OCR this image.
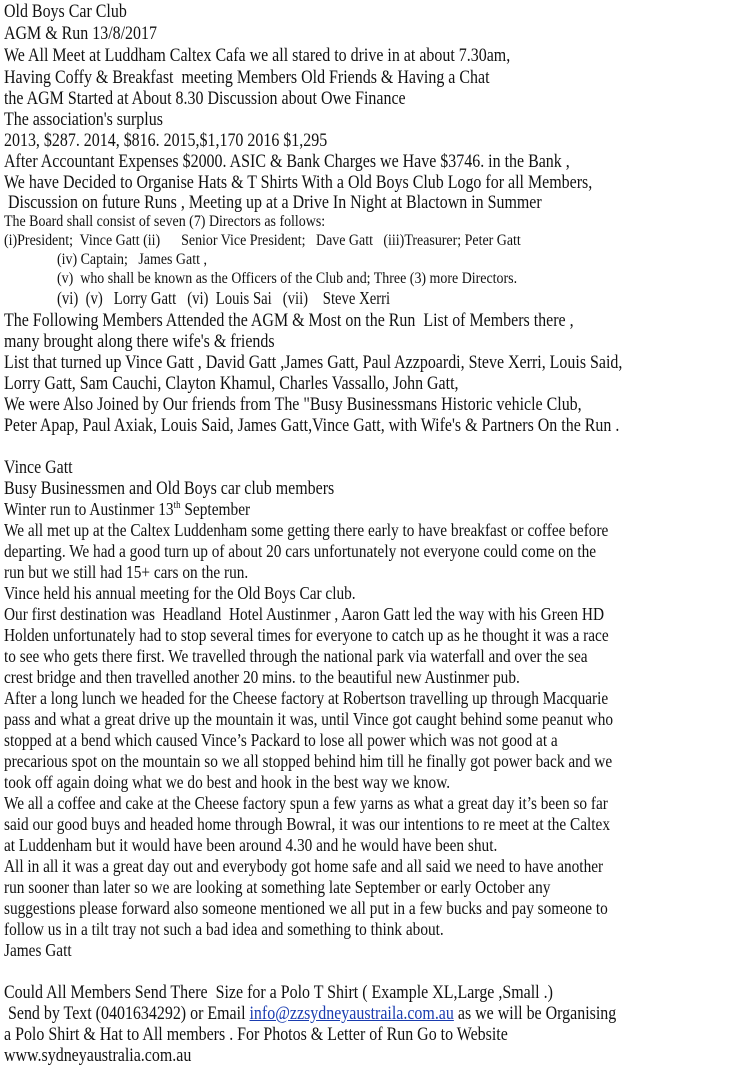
Old Boys Car Club
AGM & Run 13/8/2017
We All Meet at Luddham Caltex Cafa we all stared to drive in at about 7.30am,
Having Coffy & Breakfast  meeting Members Old Friends & Having a Chat
the AGM Started at About 8.30 Discussion about Owe Finance
The association's surplus
2013, $287. 2014, $816. 2015,$1,170 2016 $1,295
After Accountant Expenses $2000. ASIC & Bank Charges we Have $3746. in the Bank ,
We have Decided to Organise Hats & T Shirts With a Old Boys Club Logo for all Members,
Discussion on future Runs , Meeting up at a Drive In Night at Blactown in Summer
The Board shall consist of seven (7) Directors as follows:
(i)President;  Vince Gatt (ii)      Senior Vice President;   Dave Gatt   (iii)Treasurer; Peter Gatt
(iv) Captain;   James Gatt ,
(v)  who shall be known as the Officers of the Club and; Three (3) more Directors.
(vi)  (v)   Lorry Gatt   (vi)  Louis Sai   (vii)    Steve Xerri
The Following Members Attended the AGM & Most on the Run  List of Members there ,
many brought along there wife's & friends
List that turned up Vince Gatt , David Gatt ,James Gatt, Paul Azzpoardi, Steve Xerri, Louis Said,
Lorry Gatt, Sam Cauchi, Clayton Khamul, Charles Vassallo, John Gatt,
We were Also Joined by Our friends from The "Busy Businessmans Historic vehicle Club,
Peter Apap, Paul Axiak, Louis Said, James Gatt,Vince Gatt, with Wife's & Partners On the Run .
Vince Gatt
Busy Businessmen and Old Boys car club members
Winter run to Austinmer 13th September
We all met up at the Caltex Luddenham some getting there early to have breakfast or coffee before
departing. We had a good turn up of about 20 cars unfortunately not everyone could come on the
run but we still had 15+ cars on the run.
Vince held his annual meeting for the Old Boys Car club.
Our first destination was  Headland  Hotel Austinmer , Aaron Gatt led the way with his Green HD
Holden unfortunately had to stop several times for everyone to catch up as he thought it was a race
to see who gets there first. We travelled through the national park via waterfall and over the sea
crest bridge and then travelled another 20 mins. to the beautiful new Austinmer pub.
After a long lunch we headed for the Cheese factory at Robertson travelling up through Macquarie
pass and what a great drive up the mountain it was, until Vince got caught behind some peanut who
stopped at a bend which caused Vince’s Packard to lose all power which was not good at a
precarious spot on the mountain so we all stopped behind him till he finally got power back and we
took off again doing what we do best and hook in the best way we know.
We all a coffee and cake at the Cheese factory spun a few yarns as what a great day it’s been so far
said our good buys and headed home through Bowral, it was our intentions to re meet at the Caltex
at Luddenham but it would have been around 4.30 and he would have been shut.
All in all it was a great day out and everybody got home safe and all said we need to have another
run sooner than later so we are looking at something late September or early October any
suggestions please forward also someone mentioned we all put in a few bucks and pay someone to
follow us in a tilt tray not such a bad idea and something to think about.
James Gatt
Could All Members Send There  Size for a Polo T Shirt ( Example XL,Large ,Small .)
Send by Text (0401634292) or Email info@zzsydneyaustraila.com.au as we will be Organising
a Polo Shirt & Hat to All members . For Photos & Letter of Run Go to Website
www.sydneyaustralia.com.au
